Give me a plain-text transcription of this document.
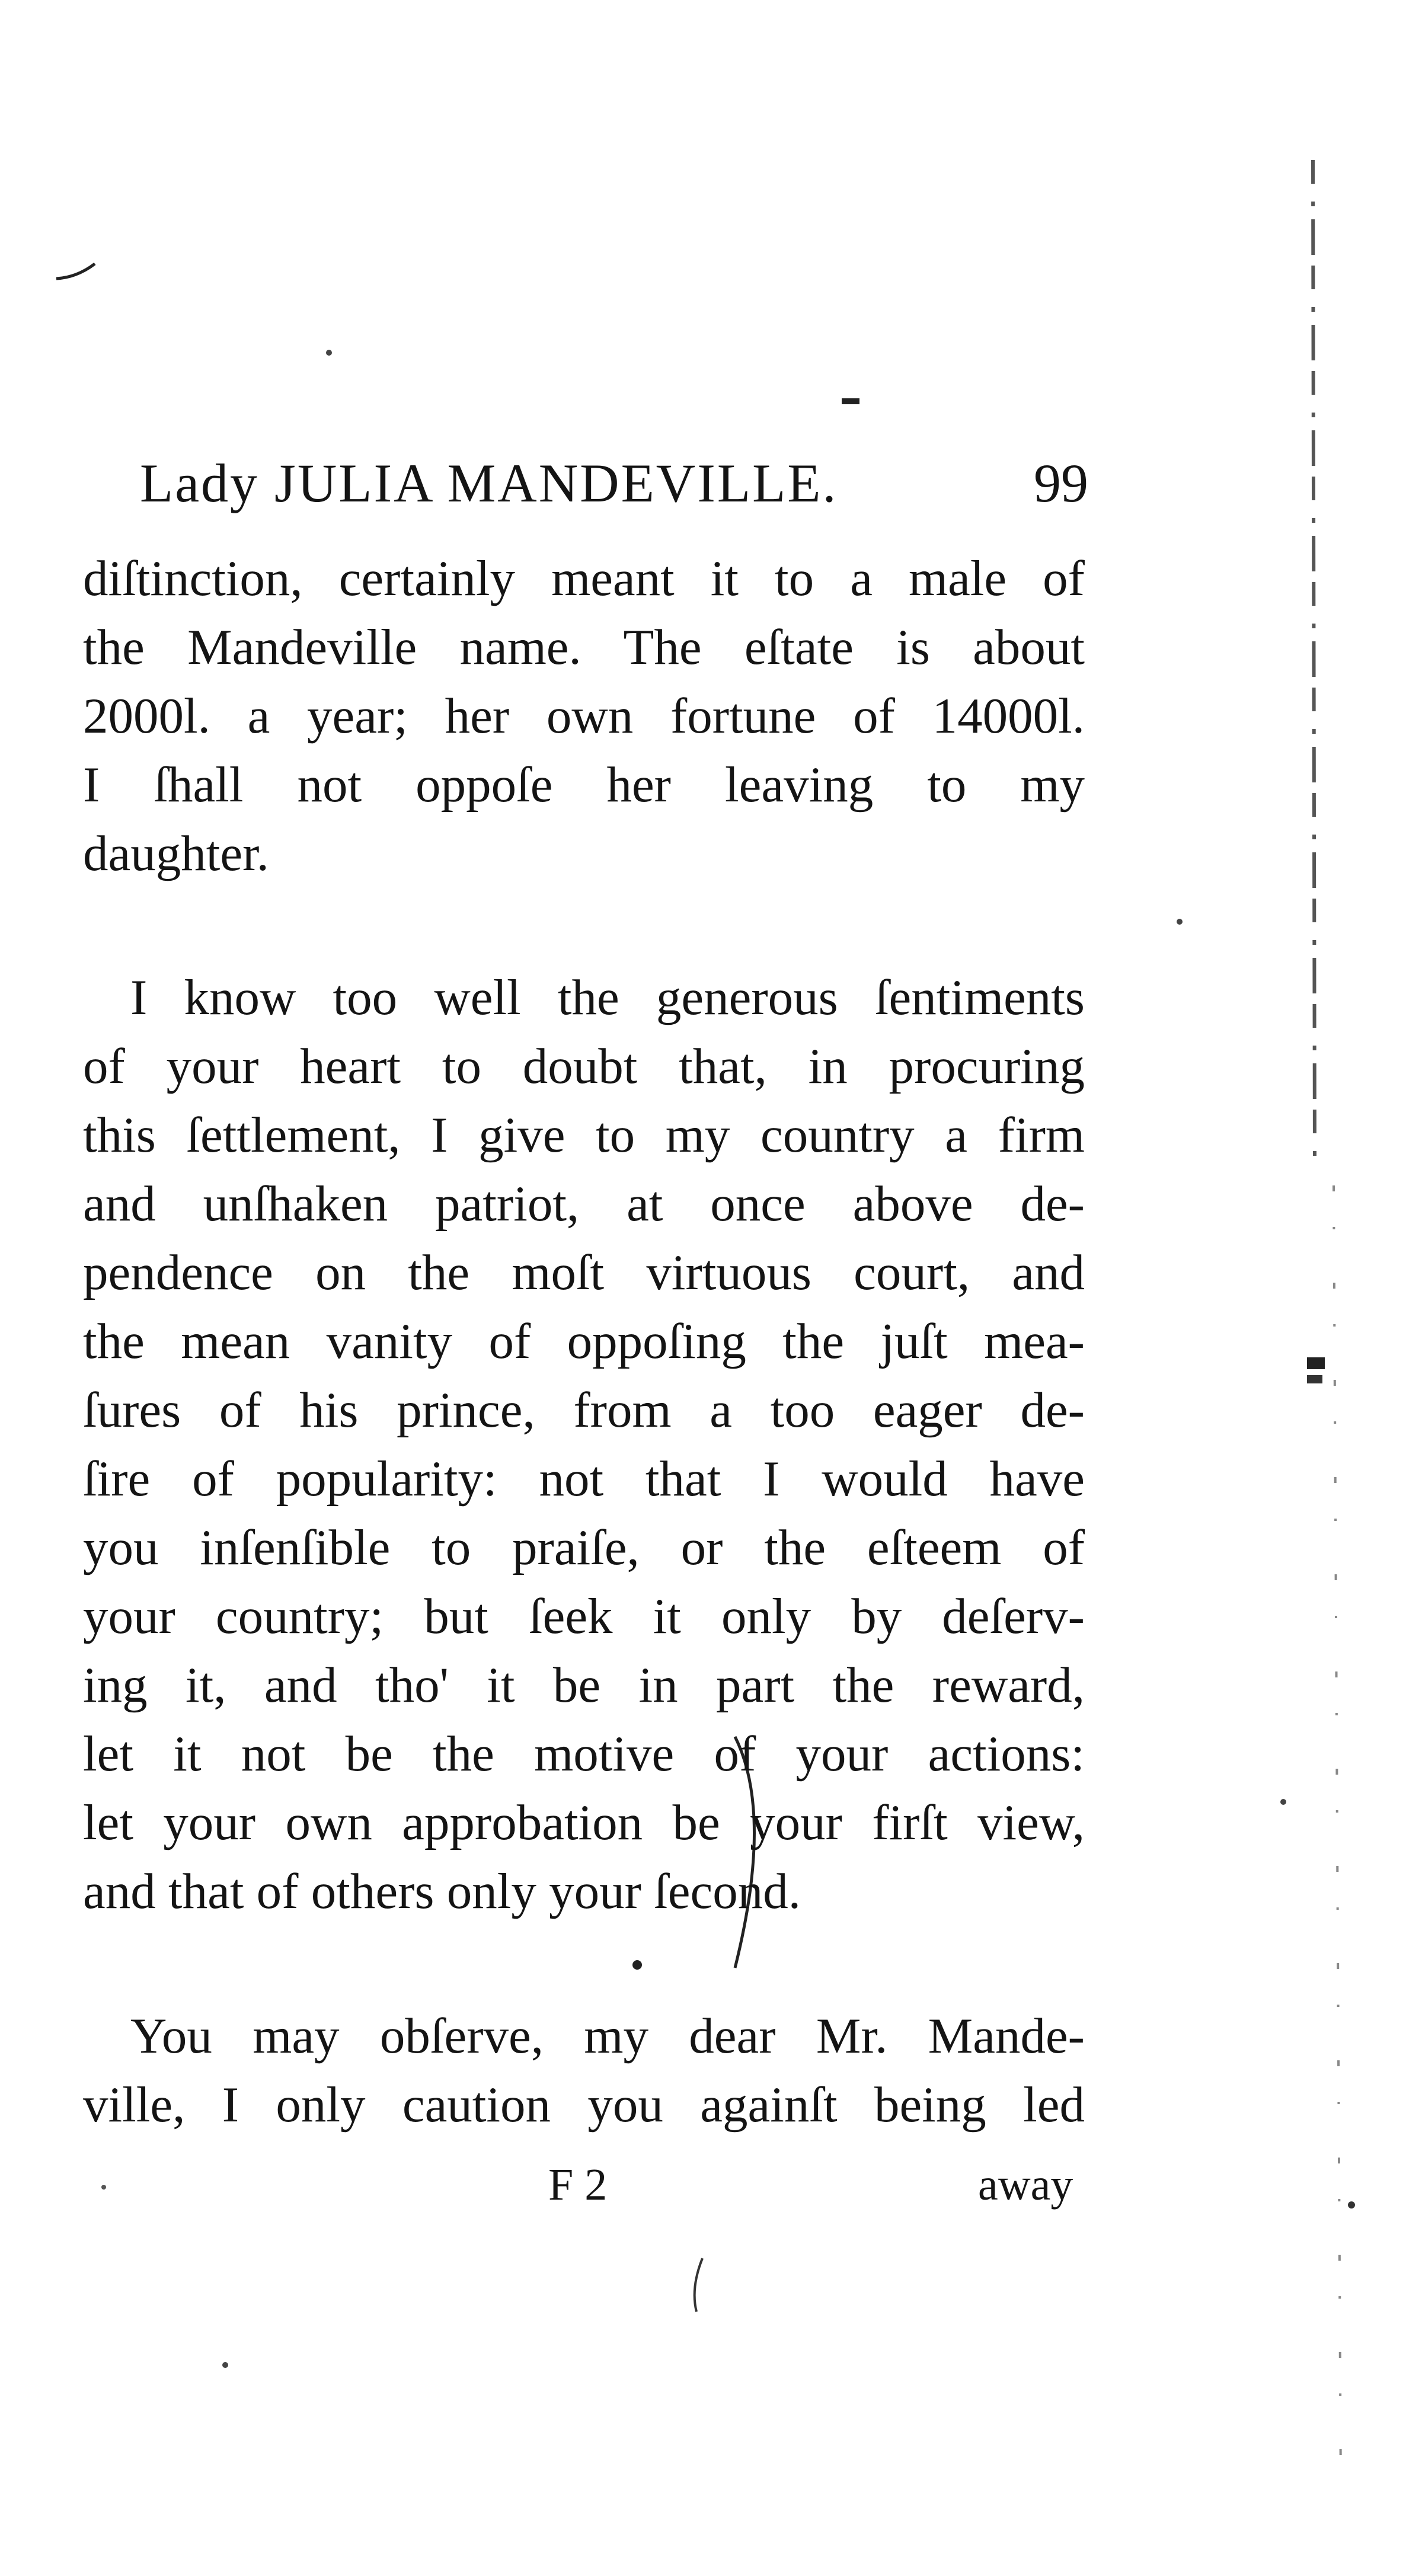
Lady JULIA MANDEVILLE.	99
diſtinction, certainly meant it to a male of
the Mandeville name. The eſtate is about
2000l. a year; her own fortune of 14000l.
I ſhall not oppoſe her leaving to my
daughter.
I know too well the generous ſentiments
of your heart to doubt that, in procuring
this ſettlement, I give to my country a firm
and unſhaken patriot, at once above de-
pendence on the moſt virtuous court, and
the mean vanity of oppoſing the juſt mea-
ſures of his prince, from a too eager de-
ſire of popularity: not that I would have
you inſenſible to praiſe, or the eſteem of
your country; but ſeek it only by deſerv-
ing it, and tho' it be in part the reward,
let it not be the motive of your actions:
let your own approbation be your firſt view,
and that of others only your ſecond.
You may obſerve, my dear Mr. Mande-
ville, I only caution you againſt being led
F 2	away
